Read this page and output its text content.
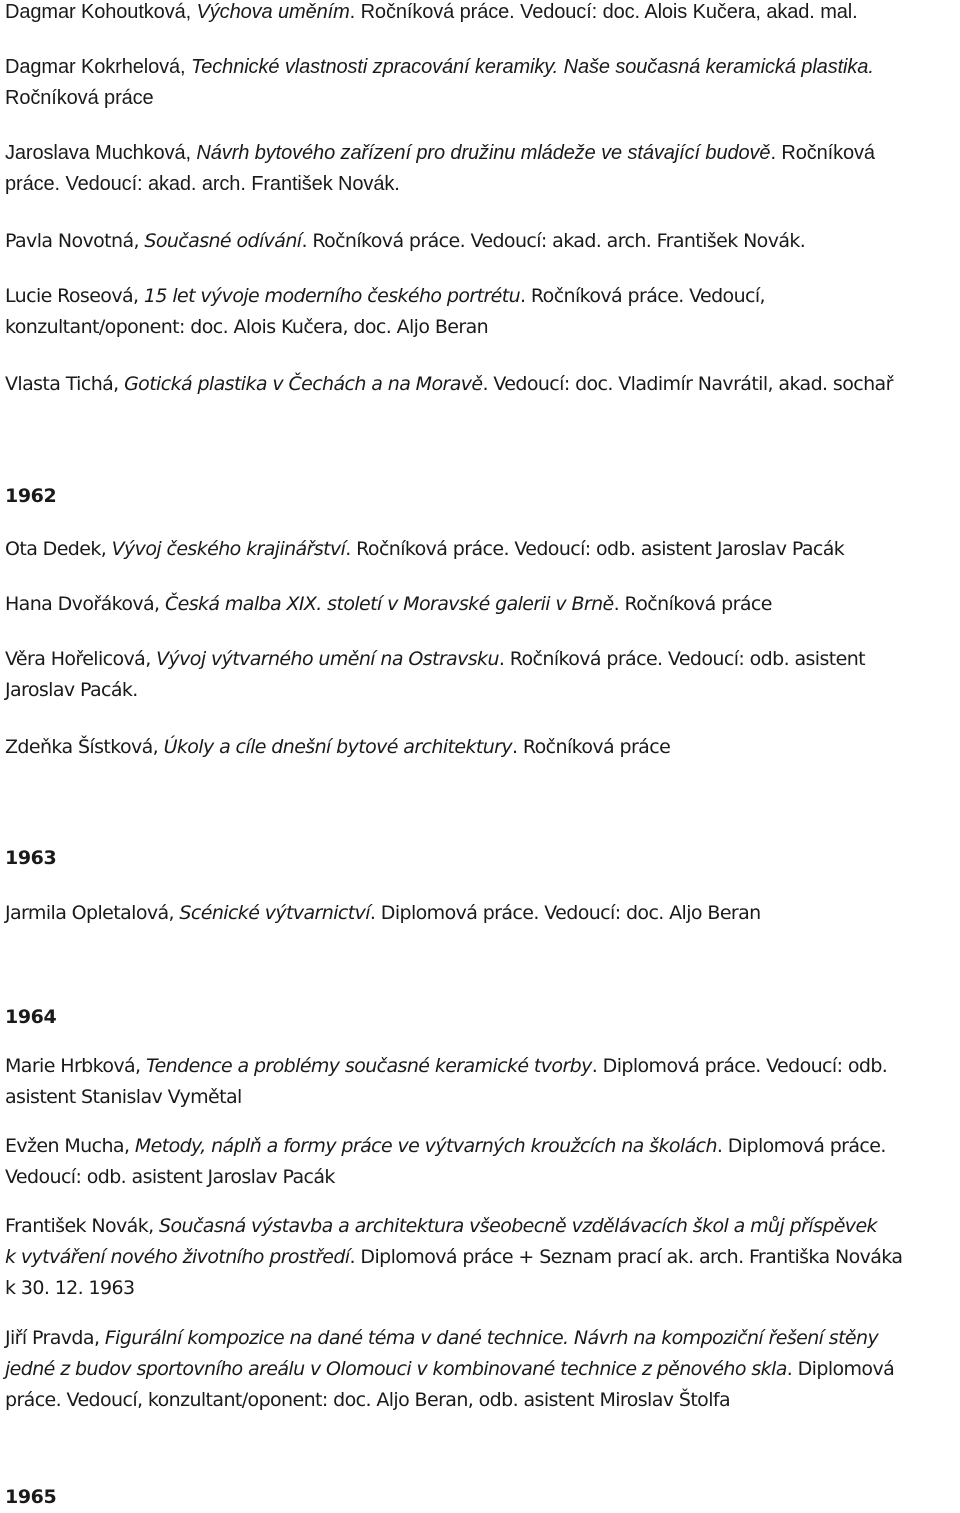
Dagmar Kohoutková, Výchova uměním. Ročníková práce. Vedoucí: doc. Alois Kučera, akad. mal.

Dagmar Kokrhelová, Technické vlastnosti zpracování keramiky. Naše současná keramická plastika.
Ročníková práce

Jaroslava Muchková, Návrh bytového zařízení pro družinu mládeže ve stávající budově. Ročníková
práce. Vedoucí: akad. arch. František Novák.

Pavla Novotná, Současné odívání. Ročníková práce. Vedoucí: akad. arch. František Novák.

Lucie Roseová, 15 let vývoje moderního českého portrétu. Ročníková práce. Vedoucí,
konzultant/oponent: doc. Alois Kučera, doc. Aljo Beran

Vlasta Tichá, Gotická plastika v Čechách a na Moravě. Vedoucí: doc. Vladimír Navrátil, akad. sochař

1962

Ota Dedek, Vývoj českého krajinářství. Ročníková práce. Vedoucí: odb. asistent Jaroslav Pacák

Hana Dvořáková, Česká malba XIX. století v Moravské galerii v Brně. Ročníková práce

Věra Hořelicová, Vývoj výtvarného umění na Ostravsku. Ročníková práce. Vedoucí: odb. asistent
Jaroslav Pacák.

Zdeňka Šístková, Úkoly a cíle dnešní bytové architektury. Ročníková práce

1963

Jarmila Opletalová, Scénické výtvarnictví. Diplomová práce. Vedoucí: doc. Aljo Beran

1964

Marie Hrbková, Tendence a problémy současné keramické tvorby. Diplomová práce. Vedoucí: odb.
asistent Stanislav Vymětal

Evžen Mucha, Metody, náplň a formy práce ve výtvarných kroužcích na školách. Diplomová práce.
Vedoucí: odb. asistent Jaroslav Pacák

František Novák, Současná výstavba a architektura všeobecně vzdělávacích škol a můj příspěvek
k vytváření nového životního prostředí. Diplomová práce + Seznam prací ak. arch. Františka Nováka
k 30. 12. 1963

Jiří Pravda, Figurální kompozice na dané téma v dané technice. Návrh na kompoziční řešení stěny
jedné z budov sportovního areálu v Olomouci v kombinované technice z pěnového skla. Diplomová
práce. Vedoucí, konzultant/oponent: doc. Aljo Beran, odb. asistent Miroslav Štolfa

1965
